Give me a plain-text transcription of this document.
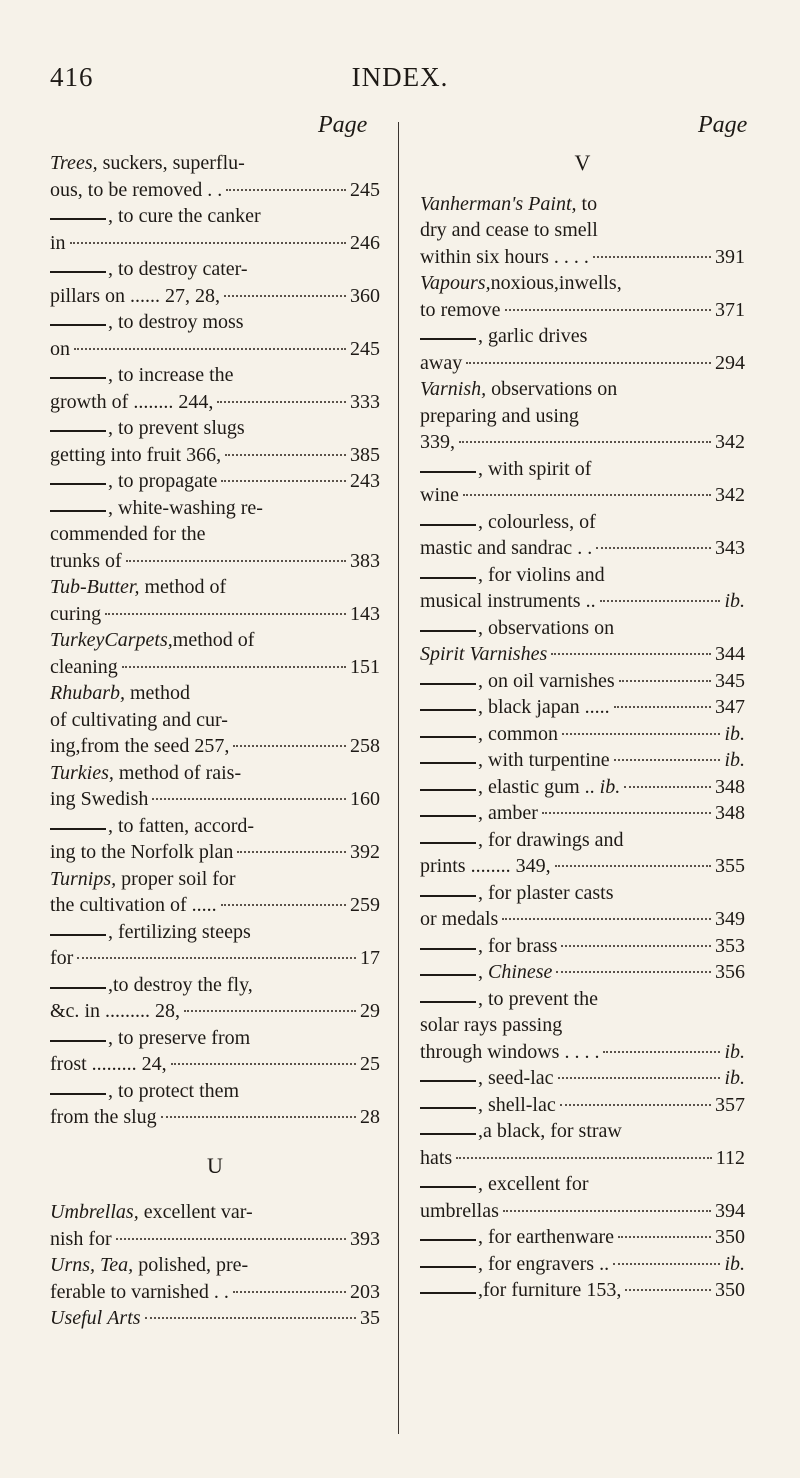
416	INDEX.
Page	Page
Trees, suckers, superflu-
ous, to be removed . .	245
, to cure the canker
in	246
, to destroy cater-
pillars on ...... 27, 28,	360
, to destroy moss
on	245
, to increase the
growth of ........ 244,	333
, to prevent slugs
getting into fruit 366,	385
, to propagate	243
, white-washing re-
commended for the
trunks of	383
Tub-Butter, method of
curing	143
TurkeyCarpets,method of
cleaning	151
Rhubarb, method
of cultivating and cur-
ing,from the seed 257,	258
Turkies, method of rais-
ing Swedish	160
, to fatten, accord-
ing to the Norfolk plan	392
Turnips, proper soil for
the cultivation of .....	259
, fertilizing steeps
for	17
,to destroy the fly,
&c. in ......... 28,	29
, to preserve from
frost ......... 24,	25
, to protect them
from the slug	28
U
Umbrellas, excellent var-
nish for	393
Urns, Tea, polished, pre-
ferable to varnished . .	203
Useful Arts	35
V
Vanherman's Paint, to
dry and cease to smell
within six hours . . . .	391
Vapours,noxious,inwells,
to remove	371
, garlic drives
away	294
Varnish, observations on
preparing and using
339,	342
, with spirit of
wine	342
, colourless, of
mastic and sandrac . .	343
, for violins and
musical instruments ..	ib.
, observations on
Spirit Varnishes	344
, on oil varnishes	345
, black japan .....	347
, common	ib.
, with turpentine	ib.
, elastic gum .. ib.	348
, amber	348
, for drawings and
prints ........ 349,	355
, for plaster casts
or medals	349
, for brass	353
, Chinese	356
, to prevent the
solar rays passing
through windows . . . .	ib.
, seed-lac	ib.
, shell-lac	357
,a black, for straw
hats	112
, excellent for
umbrellas	394
, for earthenware	350
, for engravers ..	ib.
,for furniture 153,	350
